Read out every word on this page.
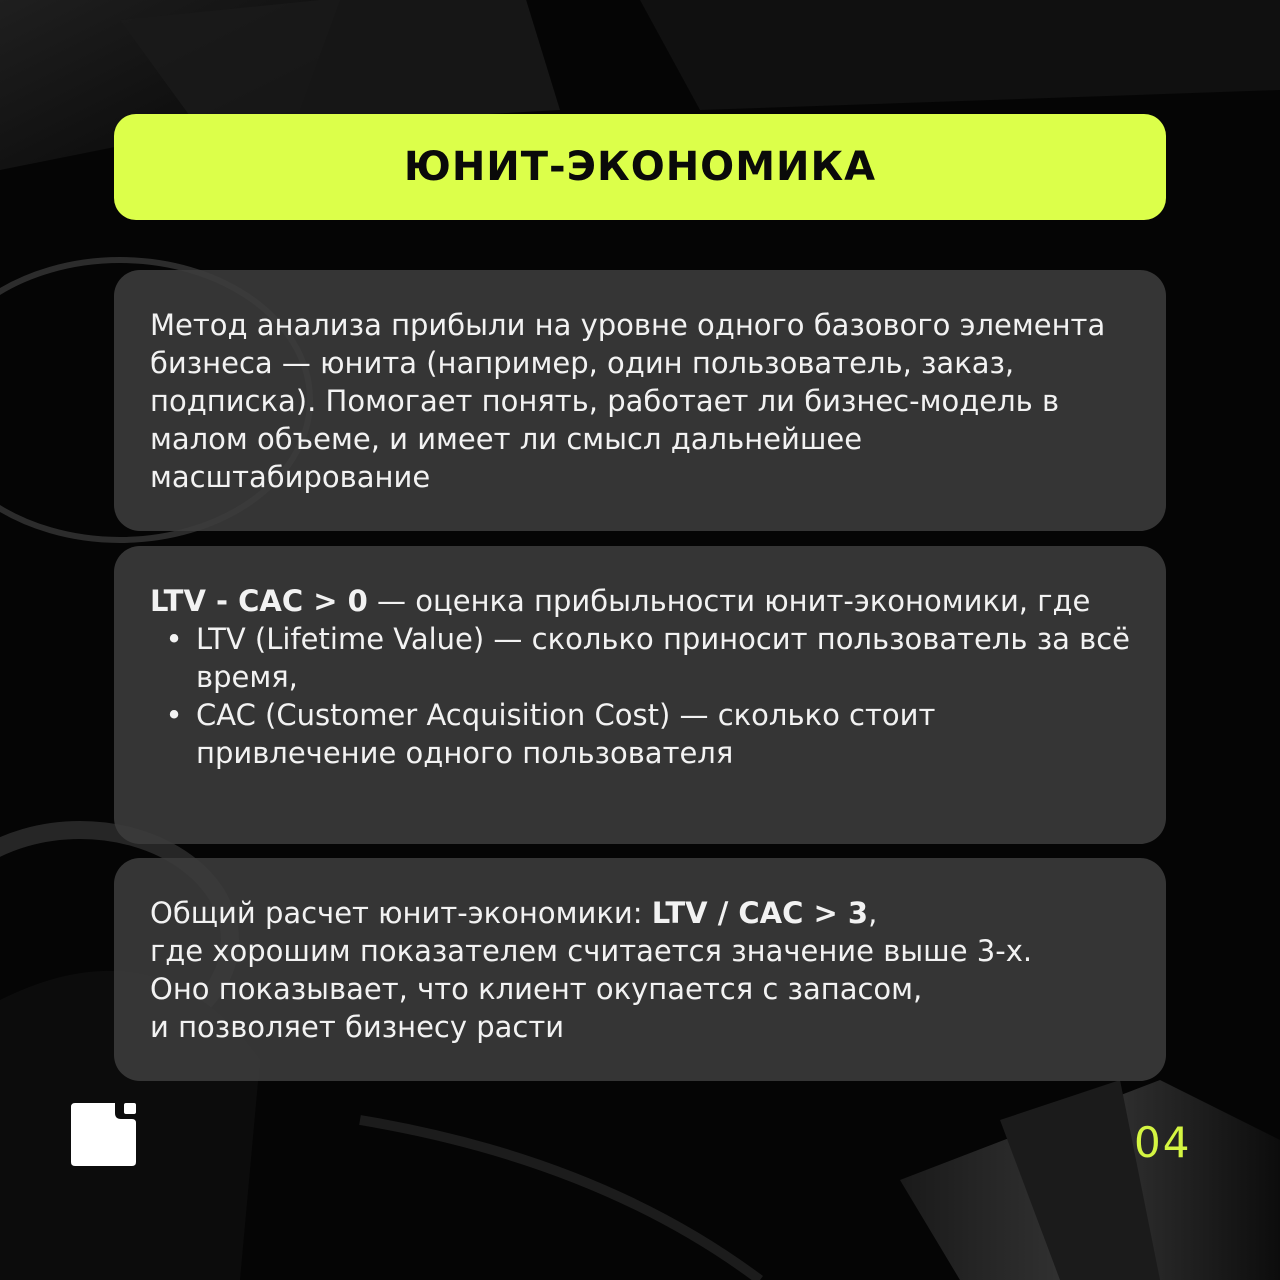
ЮНИТ-ЭКОНОМИКА

Метод анализа прибыли на уровне одного базового элемента бизнеса — юнита (например, один пользователь, заказ, подписка). Помогает понять, работает ли бизнес-модель в малом объеме, и имеет ли смысл дальнейшее масштабирование

LTV - CAC > 0 — оценка прибыльности юнит-экономики, где

• LTV (Lifetime Value) — сколько приносит пользователь за всё время,
• CAC (Customer Acquisition Cost) — сколько стоит привлечение одного пользователя

Общий расчет юнит-экономики: LTV / CAC > 3,

где хорошим показателем считается значение выше 3-х.

Оно показывает, что клиент окупается с запасом,

и позволяет бизнесу расти

04
